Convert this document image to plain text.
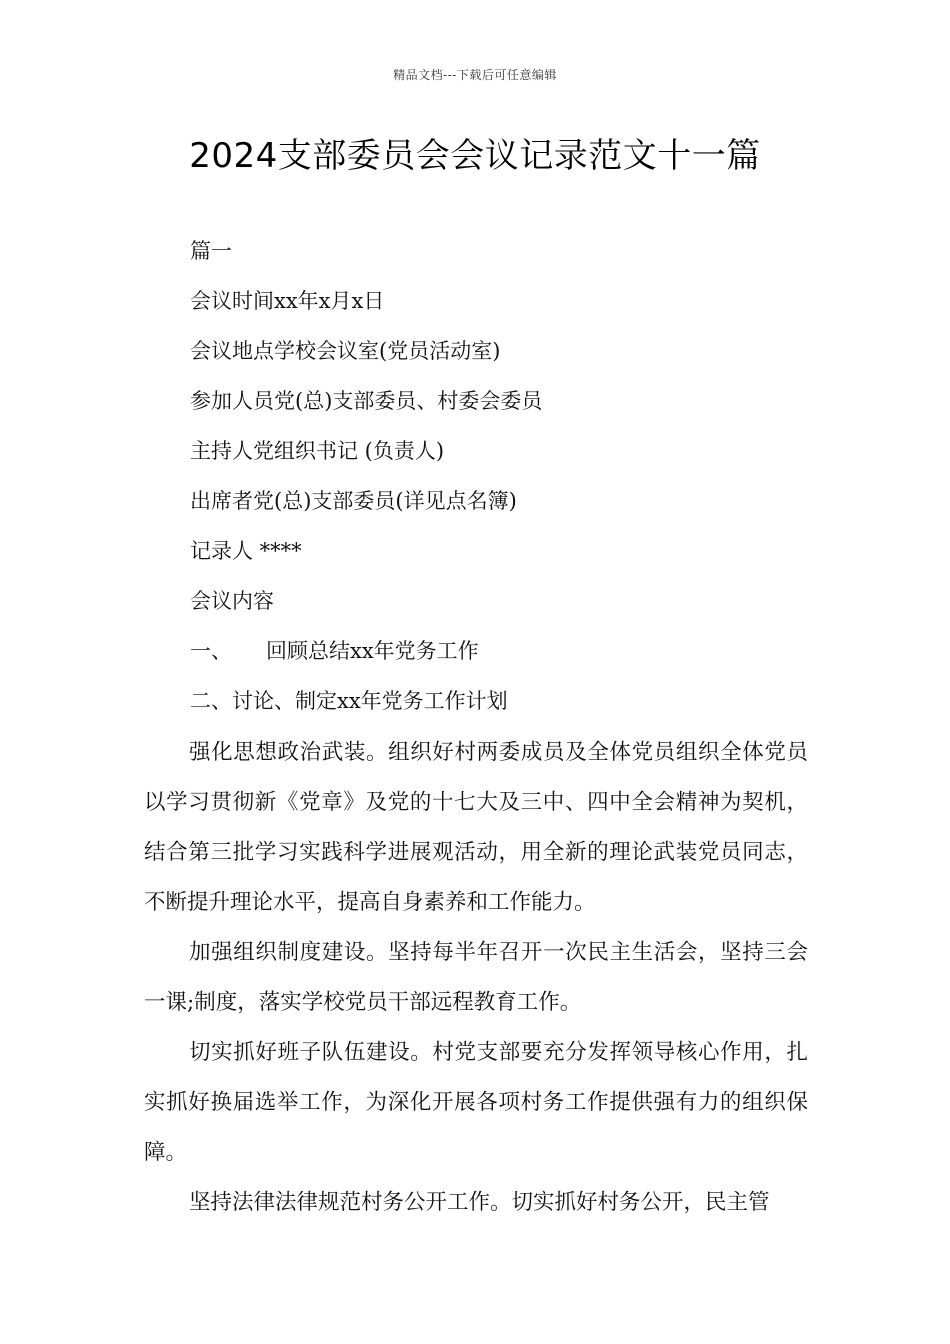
精品文档---下载后可任意编辑
2024支部委员会会议记录范文十一篇
篇一
会议时间xx年x月x日
会议地点学校会议室(党员活动室)
参加人员党(总)支部委员、村委会委员
主持人党组织书记 (负责人)
出席者党(总)支部委员(详见点名簿)
记录人 ****
会议内容
一、 回顾总结xx年党务工作
二、讨论、制定xx年党务工作计划

强化思想政治武装。组织好村两委成员及全体党员组织全体党员以学习贯彻新《党章》及党的十七大及三中、四中全会精神为契机，结合第三批学习实践科学进展观活动，用全新的理论武装党员同志，不断提升理论水平，提高自身素养和工作能力。

加强组织制度建设。坚持每半年召开一次民主生活会，坚持三会一课;制度，落实学校党员干部远程教育工作。

切实抓好班子队伍建设。村党支部要充分发挥领导核心作用，扎实抓好换届选举工作，为深化开展各项村务工作提供强有力的组织保障。

坚持法律法律规范村务公开工作。切实抓好村务公开，民主管
